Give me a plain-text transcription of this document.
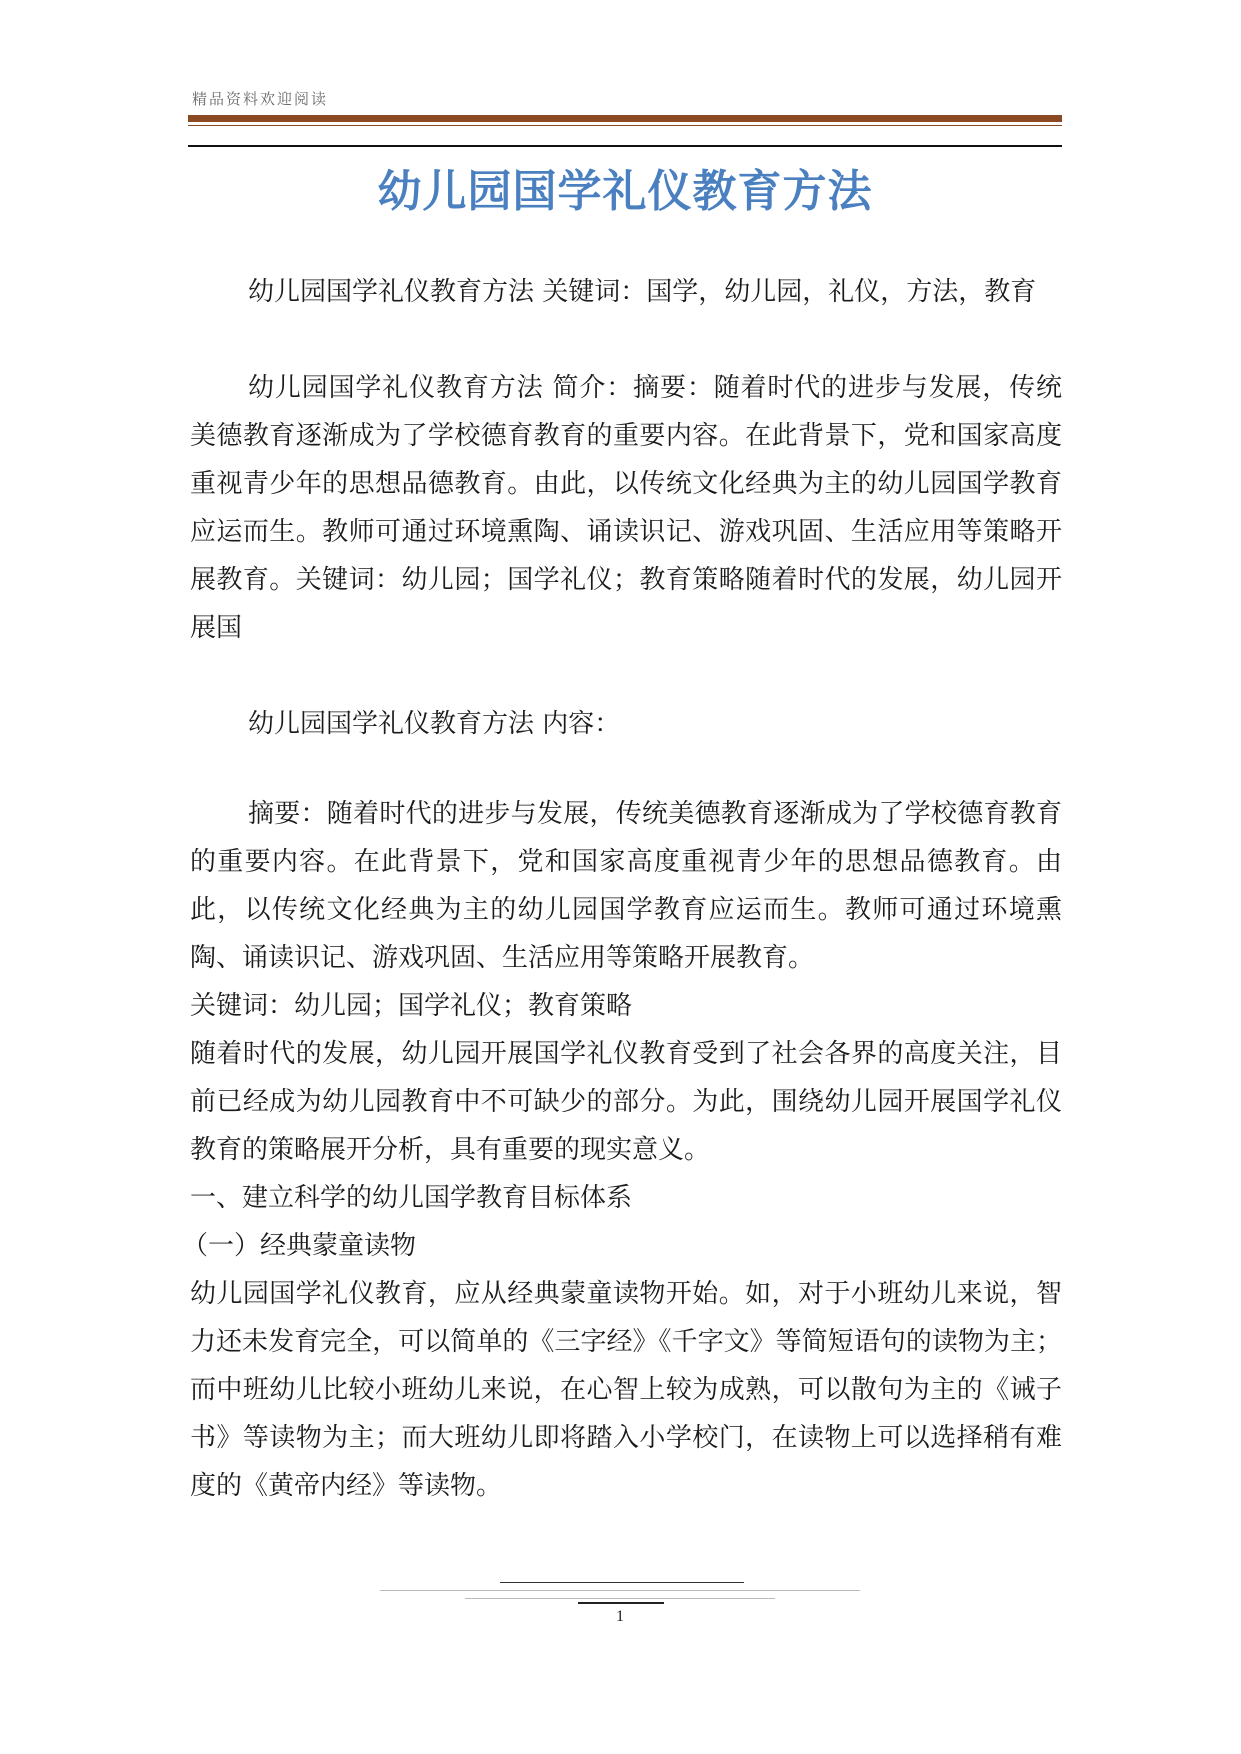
精品资料欢迎阅读
幼儿园国学礼仪教育方法

幼儿园国学礼仪教育方法 关键词：国学，幼儿园，礼仪，方法，教育

幼儿园国学礼仪教育方法 简介：摘要：随着时代的进步与发展，传统美德教育逐渐成为了学校德育教育的重要内容。在此背景下，党和国家高度重视青少年的思想品德教育。由此，以传统文化经典为主的幼儿园国学教育应运而生。教师可通过环境熏陶、诵读识记、游戏巩固、生活应用等策略开展教育。关键词：幼儿园；国学礼仪；教育策略随着时代的发展，幼儿园开展国

幼儿园国学礼仪教育方法 内容：

摘要：随着时代的进步与发展，传统美德教育逐渐成为了学校德育教育的重要内容。在此背景下，党和国家高度重视青少年的思想品德教育。由此，以传统文化经典为主的幼儿园国学教育应运而生。教师可通过环境熏陶、诵读识记、游戏巩固、生活应用等策略开展教育。

关键词：幼儿园；国学礼仪；教育策略

随着时代的发展，幼儿园开展国学礼仪教育受到了社会各界的高度关注，目前已经成为幼儿园教育中不可缺少的部分。为此，围绕幼儿园开展国学礼仪教育的策略展开分析，具有重要的现实意义。

一、建立科学的幼儿国学教育目标体系

（一）经典蒙童读物

幼儿园国学礼仪教育，应从经典蒙童读物开始。如，对于小班幼儿来说，智力还未发育完全，可以简单的《三字经》《千字文》等简短语句的读物为主；而中班幼儿比较小班幼儿来说，在心智上较为成熟，可以散句为主的《诫子书》等读物为主；而大班幼儿即将踏入小学校门，在读物上可以选择稍有难度的《黄帝内经》等读物。

1
